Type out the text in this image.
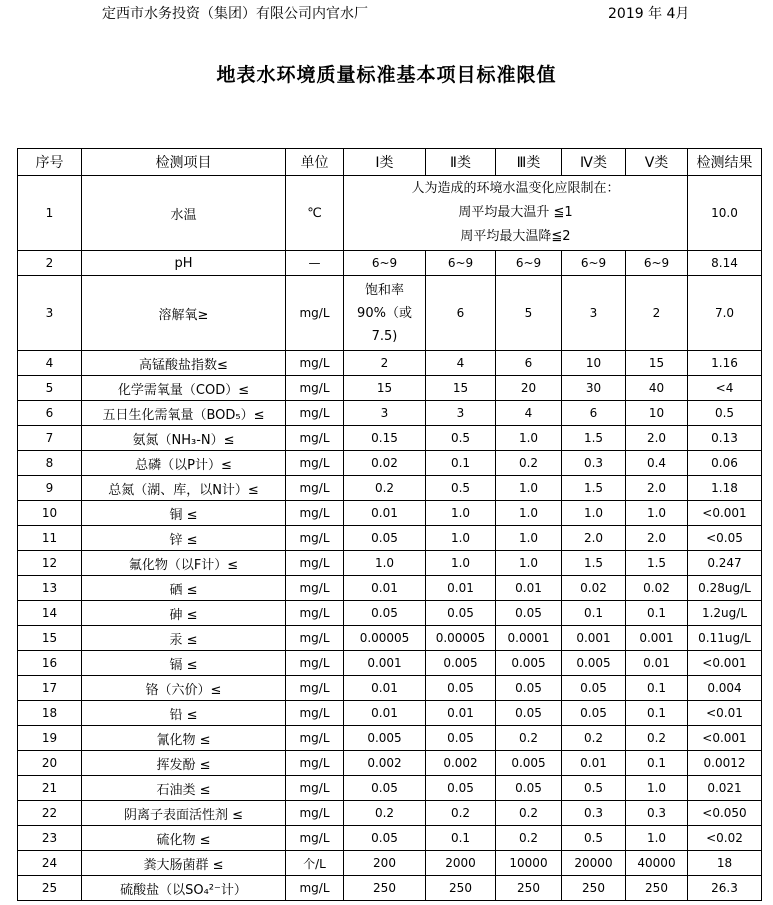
定西市水务投资（集团）有限公司内官水厂	2019 年 4月
地表水环境质量标准基本项目标准限值
序号	检测项目	单位	Ⅰ类	Ⅱ类	Ⅲ类	Ⅳ类	Ⅴ类	检测结果
1	水温	℃	人为造成的环境水温变化应限制在：
周平均最大温升 ≦1
周平均最大温降≦2					10.0
2	pH	—	6~9	6~9	6~9	6~9	6~9	8.14
3	溶解氧≥	mg/L	饱和率
90%（或
7.5)	6	5	3	2	7.0
4	高锰酸盐指数≤	mg/L	2	4	6	10	15	1.16
5	化学需氧量（COD）≤	mg/L	15	15	20	30	40	<4
6	五日生化需氧量（BOD₅）≤	mg/L	3	3	4	6	10	0.5
7	氨氮（NH₃-N）≤	mg/L	0.15	0.5	1.0	1.5	2.0	0.13
8	总磷（以P计）≤	mg/L	0.02	0.1	0.2	0.3	0.4	0.06
9	总氮（湖、库，以N计）≤	mg/L	0.2	0.5	1.0	1.5	2.0	1.18
10	铜 ≤	mg/L	0.01	1.0	1.0	1.0	1.0	<0.001
11	锌 ≤	mg/L	0.05	1.0	1.0	2.0	2.0	<0.05
12	氟化物（以F计）≤	mg/L	1.0	1.0	1.0	1.5	1.5	0.247
13	硒 ≤	mg/L	0.01	0.01	0.01	0.02	0.02	0.28ug/L
14	砷 ≤	mg/L	0.05	0.05	0.05	0.1	0.1	1.2ug/L
15	汞 ≤	mg/L	0.00005	0.00005	0.0001	0.001	0.001	0.11ug/L
16	镉 ≤	mg/L	0.001	0.005	0.005	0.005	0.01	<0.001
17	铬（六价）≤	mg/L	0.01	0.05	0.05	0.05	0.1	0.004
18	铅 ≤	mg/L	0.01	0.01	0.05	0.05	0.1	<0.01
19	氰化物 ≤	mg/L	0.005	0.05	0.2	0.2	0.2	<0.001
20	挥发酚 ≤	mg/L	0.002	0.002	0.005	0.01	0.1	0.0012
21	石油类 ≤	mg/L	0.05	0.05	0.05	0.5	1.0	0.021
22	阴离子表面活性剂 ≤	mg/L	0.2	0.2	0.2	0.3	0.3	<0.050
23	硫化物 ≤	mg/L	0.05	0.1	0.2	0.5	1.0	<0.02
24	粪大肠菌群 ≤	个/L	200	2000	10000	20000	40000	18
25	硫酸盐（以SO₄²⁻计）	mg/L	250	250	250	250	250	26.3
